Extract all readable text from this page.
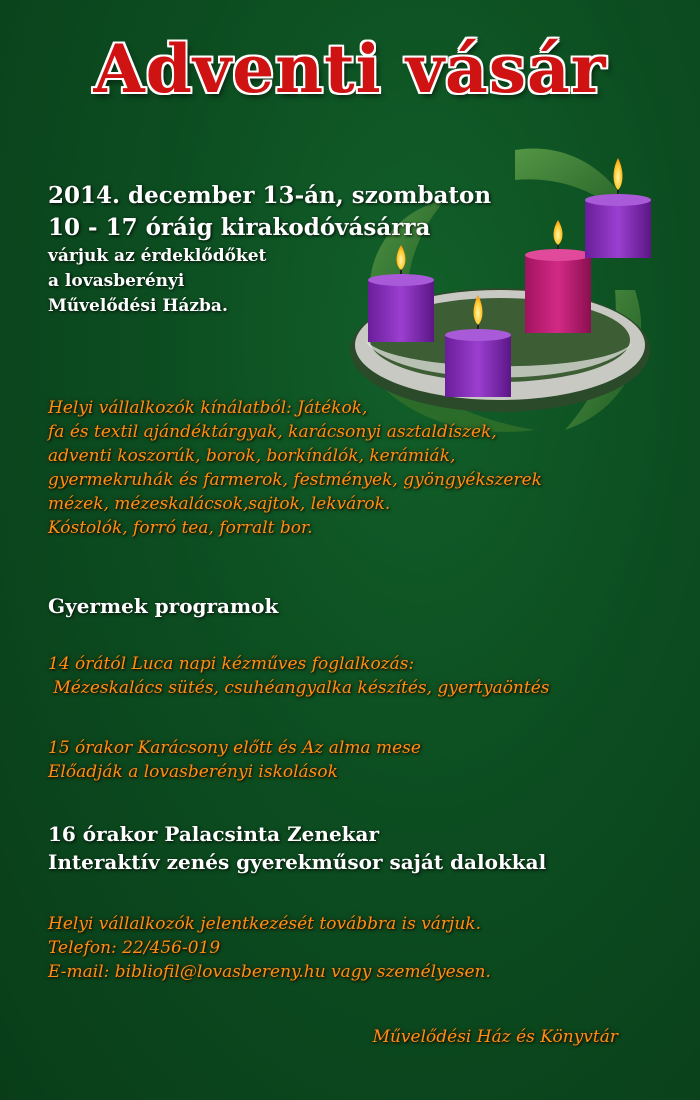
Adventi vásár
2014. december 13-án, szombaton
10 - 17 óráig kirakodóvásárra
várjuk az érdeklődőket
a lovasberényi
Művelődési Házba.
Helyi vállalkozók kínálatból: Játékok,
fa és textil ajándéktárgyak, karácsonyi asztaldíszek,
adventi koszorúk, borok, borkínálók, kerámiák,
gyermekruhák és farmerok, festmények, gyöngyékszerek
mézek, mézeskalácsok,sajtok, lekvárok.
Kóstolók, forró tea, forralt bor.
Gyermek programok
14 órától Luca napi kézműves foglalkozás:
Mézeskalács sütés, csuhéangyalka készítés, gyertyaöntés
15 órakor Karácsony előtt és Az alma mese
Előadják a lovasberényi iskolások
16 órakor Palacsinta Zenekar
Interaktív zenés gyerekműsor saját dalokkal
Helyi vállalkozók jelentkezését továbbra is várjuk.
Telefon: 22/456-019
E-mail: bibliofil@lovasbereny.hu vagy személyesen.
Művelődési Ház és Könyvtár
